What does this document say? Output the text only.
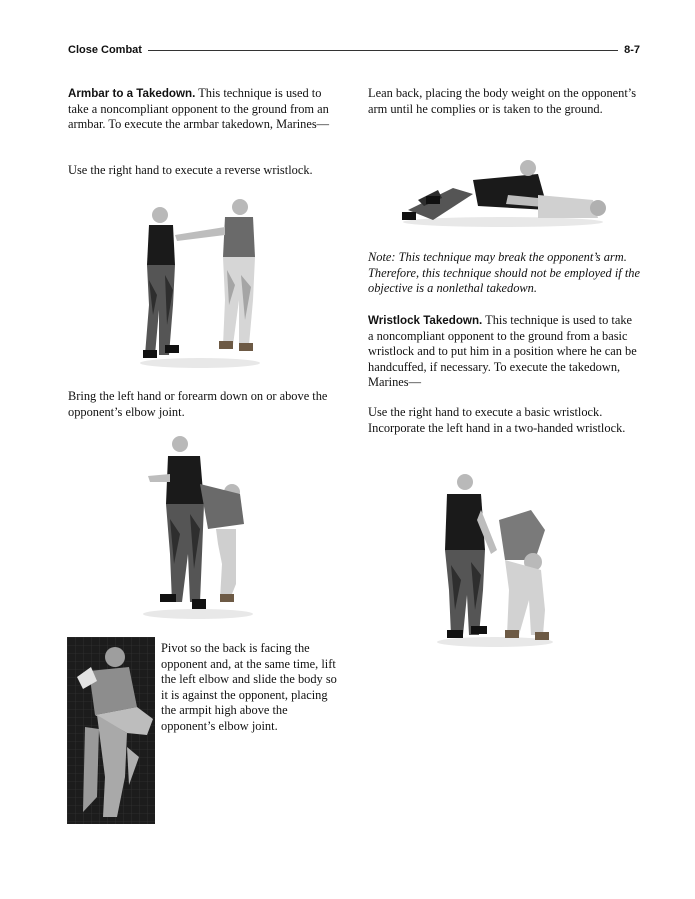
Close Combat	8-7

Armbar to a Takedown. This technique is used to take a noncompliant opponent to the ground from an armbar. To execute the armbar takedown, Marines—

Use the right hand to execute a reverse wristlock.

Bring the left hand or forearm down on or above the opponent’s elbow joint.

Pivot so the back is facing the opponent and, at the same time, lift the left elbow and slide the body so it is against the opponent, placing the armpit high above the opponent’s elbow joint.

Lean back, placing the body weight on the opponent’s arm until he complies or is taken to the ground.

Note: This technique may break the opponent’s arm. Therefore, this technique should not be employed if the objective is a nonlethal takedown.

Wristlock Takedown. This technique is used to take a noncompliant opponent to the ground from a basic wristlock and to put him in a position where he can be handcuffed, if necessary. To execute the takedown, Marines—

Use the right hand to execute a basic wristlock. Incorporate the left hand in a two-handed wristlock.
